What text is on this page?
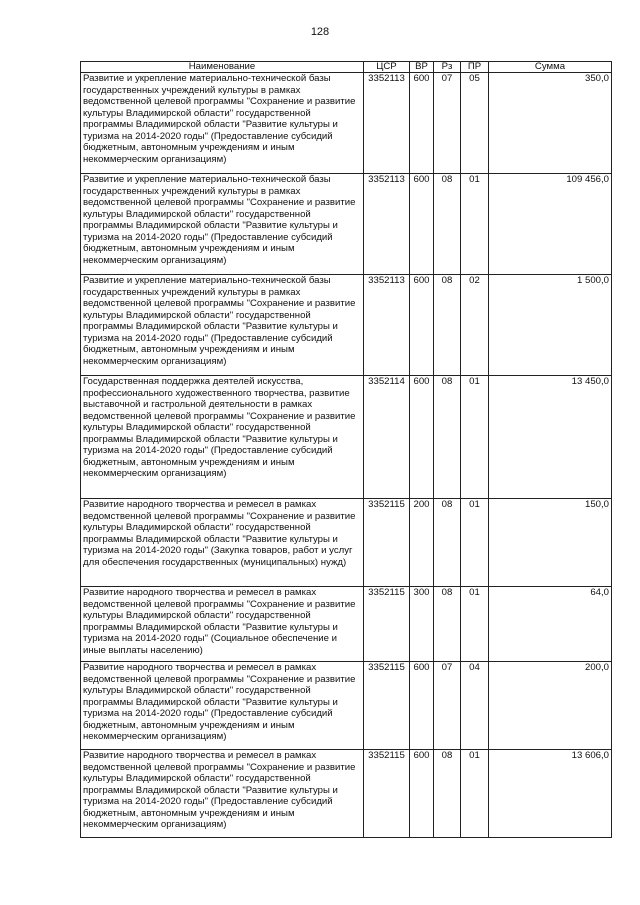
128
Наименование	ЦСР	ВР	Рз	ПР	Сумма
Развитие и укрепление материально-технической базы государственных учреждений культуры в рамках ведомственной целевой программы "Сохранение и развитие культуры Владимирской области" государственной программы Владимирской области "Развитие культуры и туризма на 2014-2020 годы" (Предоставление субсидий бюджетным, автономным учреждениям и иным некоммерческим организациям)	3352113	600	07	05	350,0
Развитие и укрепление материально-технической базы государственных учреждений культуры в рамках ведомственной целевой программы "Сохранение и развитие культуры Владимирской области" государственной программы Владимирской области "Развитие культуры и туризма на 2014-2020 годы" (Предоставление субсидий бюджетным, автономным учреждениям и иным некоммерческим организациям)	3352113	600	08	01	109 456,0
Развитие и укрепление материально-технической базы государственных учреждений культуры в рамках ведомственной целевой программы "Сохранение и развитие культуры Владимирской области" государственной программы Владимирской области "Развитие культуры и туризма на 2014-2020 годы" (Предоставление субсидий бюджетным, автономным учреждениям и иным некоммерческим организациям)	3352113	600	08	02	1 500,0
Государственная поддержка деятелей искусства, профессионального художественного творчества, развитие выставочной и гастрольной деятельности в рамках ведомственной целевой программы "Сохранение и развитие культуры Владимирской области" государственной программы Владимирской области "Развитие культуры и туризма на 2014-2020 годы" (Предоставление субсидий бюджетным, автономным учреждениям и иным некоммерческим организациям)	3352114	600	08	01	13 450,0
Развитие народного творчества и ремесел в рамках ведомственной целевой программы "Сохранение и развитие культуры Владимирской области" государственной программы Владимирской области "Развитие культуры и туризма на 2014-2020 годы" (Закупка товаров, работ и услуг для обеспечения государственных (муниципальных) нужд)	3352115	200	08	01	150,0
Развитие народного творчества и ремесел в рамках ведомственной целевой программы "Сохранение и развитие культуры Владимирской области" государственной программы Владимирской области "Развитие культуры и туризма на 2014-2020 годы" (Социальное обеспечение и иные выплаты населению)	3352115	300	08	01	64,0
Развитие народного творчества и ремесел в рамках ведомственной целевой программы "Сохранение и развитие культуры Владимирской области" государственной программы Владимирской области "Развитие культуры и туризма на 2014-2020 годы" (Предоставление субсидий бюджетным, автономным учреждениям и иным некоммерческим организациям)	3352115	600	07	04	200,0
Развитие народного творчества и ремесел в рамках ведомственной целевой программы "Сохранение и развитие культуры Владимирской области" государственной программы Владимирской области "Развитие культуры и туризма на 2014-2020 годы" (Предоставление субсидий бюджетным, автономным учреждениям и иным некоммерческим организациям)	3352115	600	08	01	13 606,0
